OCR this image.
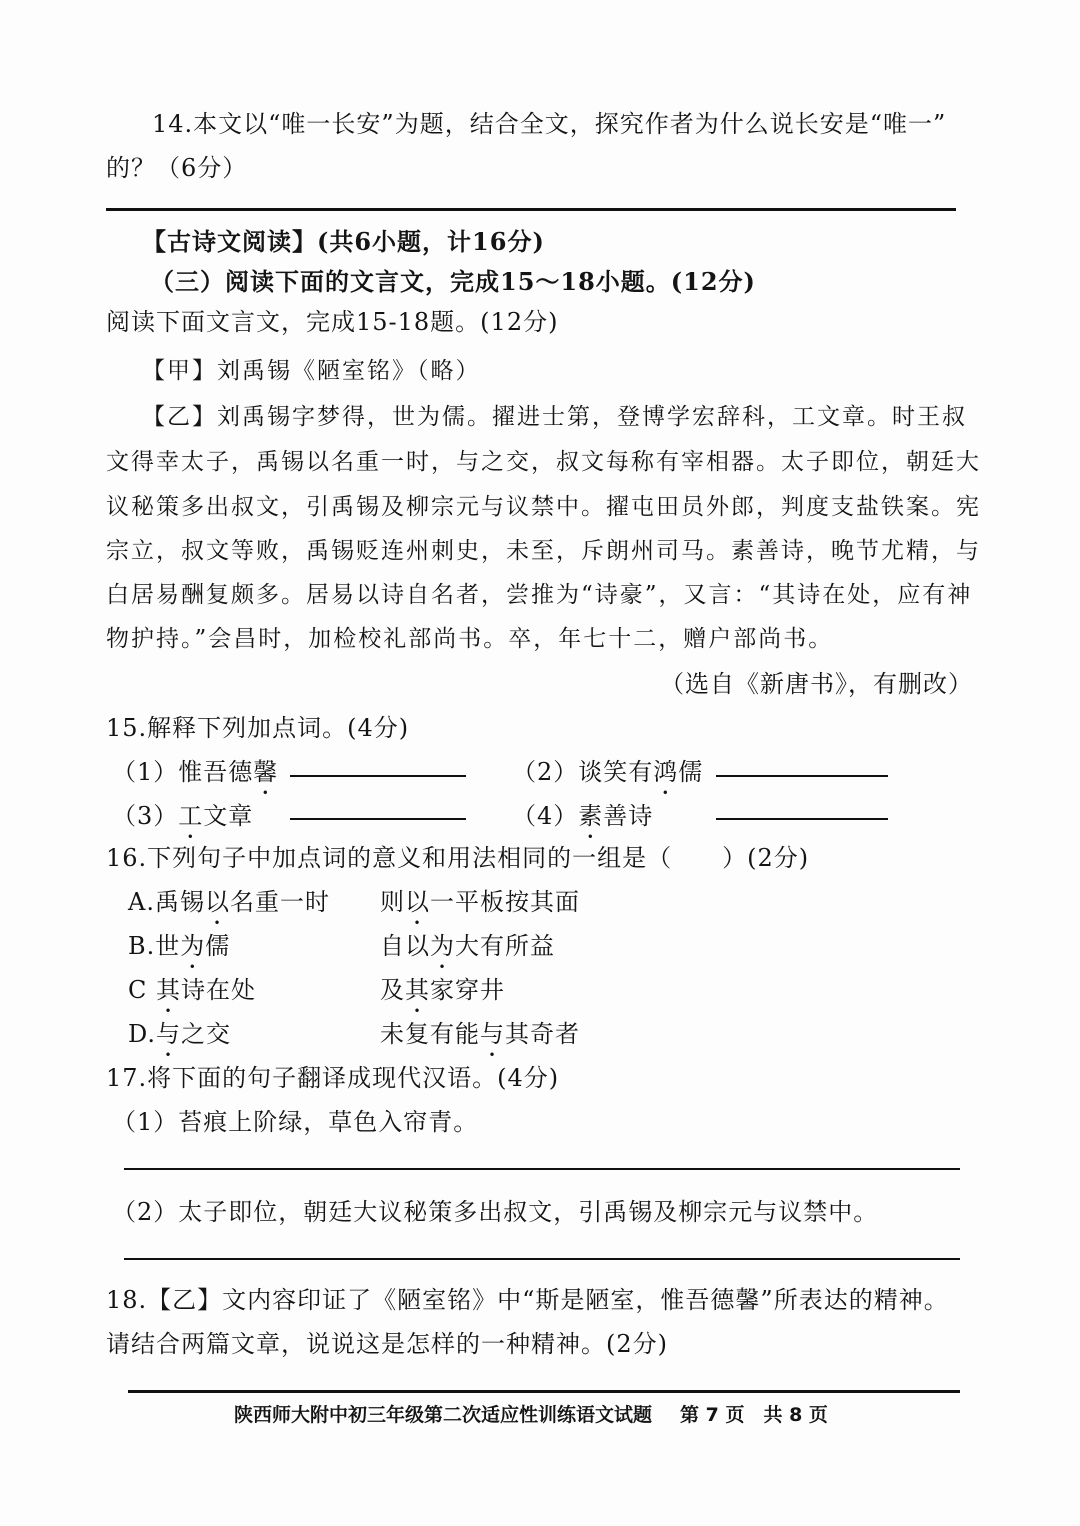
14.本文以“唯一长安”为题，结合全文，探究作者为什么说长安是“唯一”
的？（6分）
【古诗文阅读】(共6小题，计16分)
（三）阅读下面的文言文，完成15～18小题。(12分)
阅读下面文言文，完成15-18题。(12分)
【甲】刘禹锡《陋室铭》（略）
【乙】刘禹锡字梦得，世为儒。擢进士第，登博学宏辞科，工文章。时王叔
文得幸太子，禹锡以名重一时，与之交，叔文每称有宰相器。太子即位，朝廷大
议秘策多出叔文，引禹锡及柳宗元与议禁中。擢屯田员外郎，判度支盐铁案。宪
宗立，叔文等败，禹锡贬连州刺史，未至，斥朗州司马。素善诗，晚节尤精，与
白居易酬复颇多。居易以诗自名者，尝推为“诗豪”，又言：“其诗在处，应有神
物护持。”会昌时，加检校礼部尚书。卒，年七十二，赠户部尚书。
（选自《新唐书》，有删改）
15.解释下列加点词。(4分)
（1）惟吾德馨	（2）谈笑有鸿儒
（3）工文章	（4）素善诗
16.下列句子中加点词的意义和用法相同的一组是（　　）(2分)
A.禹锡以名重一时 则以一平板按其面
B.世为儒	自以为大有所益
C 其诗在处	及其家穿井
D.与之交	未复有能与其奇者
17.将下面的句子翻译成现代汉语。(4分)
（1）苔痕上阶绿，草色入帘青。
（2）太子即位，朝廷大议秘策多出叔文，引禹锡及柳宗元与议禁中。
18.【乙】文内容印证了《陋室铭》中“斯是陋室，惟吾德馨”所表达的精神。
请结合两篇文章，说说这是怎样的一种精神。(2分)
陕西师大附中初三年级第二次适应性训练语文试题 第 7 页　共 8 页
